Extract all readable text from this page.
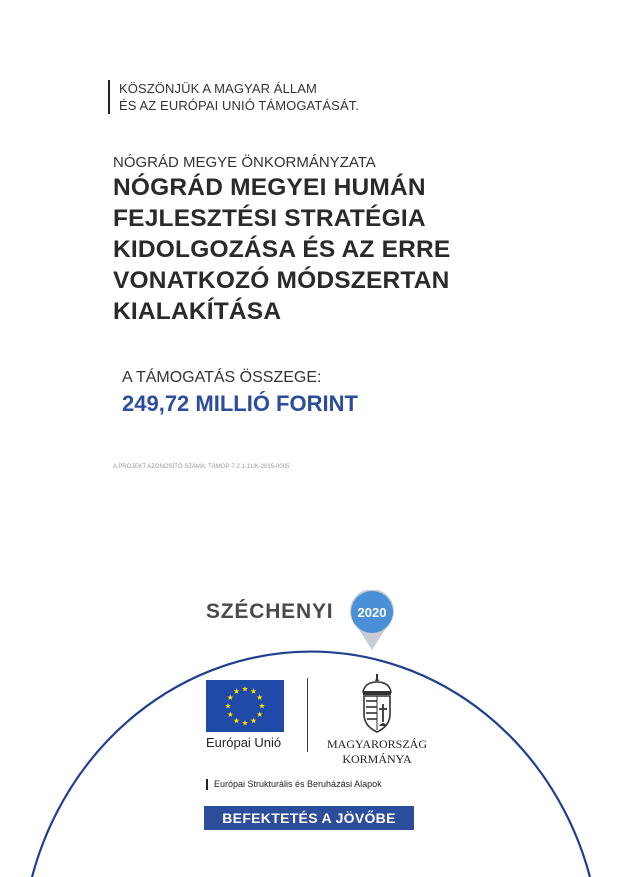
KÖSZÖNJÜK A MAGYAR ÁLLAM
ÉS AZ EURÓPAI UNIÓ TÁMOGATÁSÁT.
NÓGRÁD MEGYE ÖNKORMÁNYZATA
NÓGRÁD MEGYEI HUMÁN
FEJLESZTÉSI STRATÉGIA
KIDOLGOZÁSA ÉS AZ ERRE
VONATKOZÓ MÓDSZERTAN
KIALAKÍTÁSA
A TÁMOGATÁS ÖSSZEGE:
249,72 MILLIÓ FORINT
A PROJEKT AZONOSÍTÓ SZÁMA: TÁMOP-7.2.1-11/K-2015-0005
SZÉCHENYI 2020
Európai Unió	MAGYARORSZÁG
KORMÁNYA
Európai Strukturális és Beruházási Alapok
BEFEKTETÉS A JÖVŐBE
